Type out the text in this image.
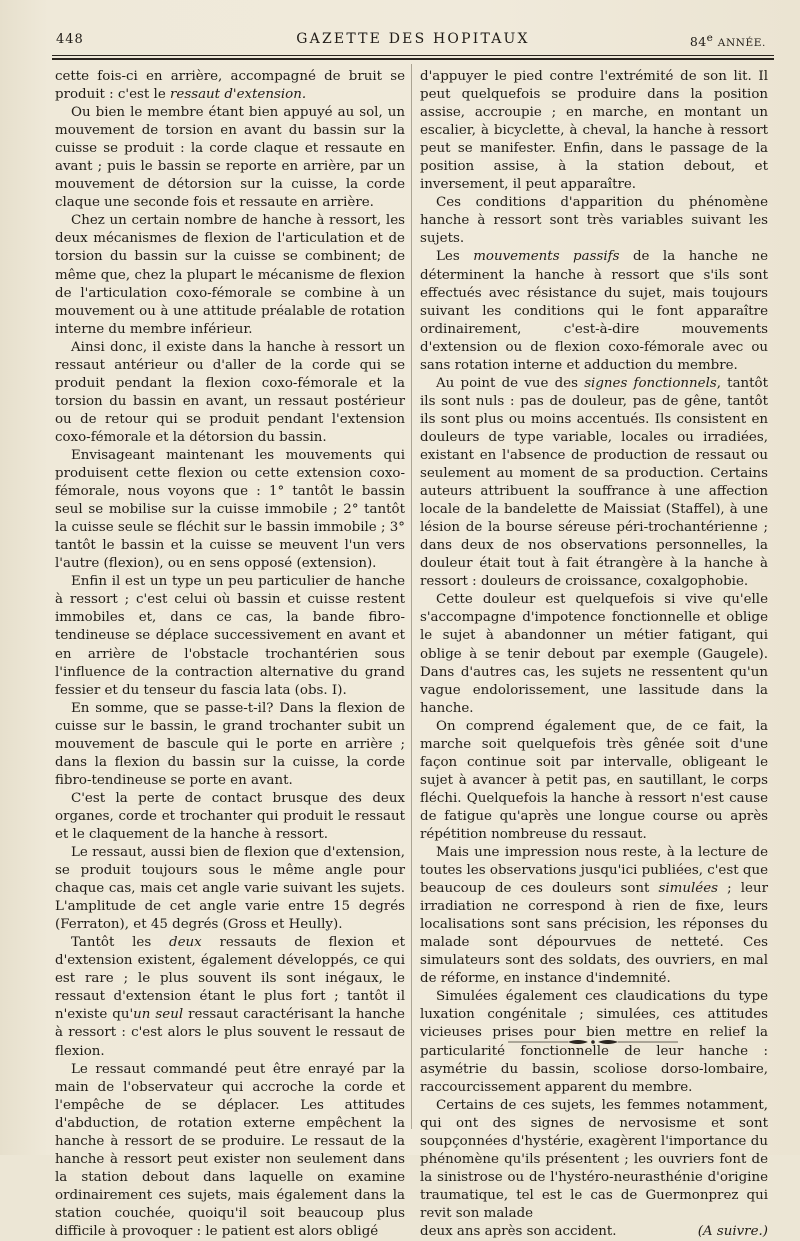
448	GAZETTE DES HOPITAUX	84e ANNÉE.

cette fois-ci en arrière, accompagné de bruit se produit : c'est le ressaut d'extension.

Ou bien le membre étant bien appuyé au sol, un mouvement de torsion en avant du bassin sur la cuisse se produit : la corde claque et ressaute en avant ; puis le bassin se reporte en arrière, par un mouvement de détorsion sur la cuisse, la corde claque une seconde fois et ressaute en arrière.

Chez un certain nombre de hanche à ressort, les deux mécanismes de flexion de l'articulation et de torsion du bassin sur la cuisse se combinent; de même que, chez la plupart le mécanisme de flexion de l'articulation coxo-fémorale se combine à un mouvement ou à une attitude préalable de rotation interne du membre inférieur.

Ainsi donc, il existe dans la hanche à ressort un ressaut antérieur ou d'aller de la corde qui se produit pendant la flexion coxo-fémorale et la torsion du bassin en avant, un ressaut postérieur ou de retour qui se produit pendant l'extension coxo-fémorale et la détorsion du bassin.

Envisageant maintenant les mouvements qui produisent cette flexion ou cette extension coxo-fémorale, nous voyons que : 1° tantôt le bassin seul se mobilise sur la cuisse immobile ; 2° tantôt la cuisse seule se fléchit sur le bassin immobile ; 3° tantôt le bassin et la cuisse se meuvent l'un vers l'autre (flexion), ou en sens opposé (extension).

Enfin il est un type un peu particulier de hanche à ressort ; c'est celui où bassin et cuisse restent immobiles et, dans ce cas, la bande fibro-tendineuse se déplace successivement en avant et en arrière de l'obstacle trochantérien sous l'influence de la contraction alternative du grand fessier et du tenseur du fascia lata (obs. I).

En somme, que se passe-t-il? Dans la flexion de cuisse sur le bassin, le grand trochanter subit un mouvement de bascule qui le porte en arrière ; dans la flexion du bassin sur la cuisse, la corde fibro-tendineuse se porte en avant.

C'est la perte de contact brusque des deux organes, corde et trochanter qui produit le ressaut et le claquement de la hanche à ressort.

Le ressaut, aussi bien de flexion que d'extension, se produit toujours sous le même angle pour chaque cas, mais cet angle varie suivant les sujets. L'amplitude de cet angle varie entre 15 degrés (Ferraton), et 45 degrés (Gross et Heully).

Tantôt les deux ressauts de flexion et d'extension existent, également développés, ce qui est rare ; le plus souvent ils sont inégaux, le ressaut d'extension étant le plus fort ; tantôt il n'existe qu'un seul ressaut caractérisant la hanche à ressort : c'est alors le plus souvent le ressaut de flexion.

Le ressaut commandé peut être enrayé par la main de l'observateur qui accroche la corde et l'empêche de se déplacer. Les attitudes d'abduction, de rotation externe empêchent la hanche à ressort de se produire. Le ressaut de la hanche à ressort peut exister non seulement dans la station debout dans laquelle on examine ordinairement ces sujets, mais également dans la station couchée, quoiqu'il soit beaucoup plus difficile à provoquer : le patient est alors obligé

d'appuyer le pied contre l'extrémité de son lit. Il peut quelquefois se produire dans la position assise, accroupie ; en marche, en montant un escalier, à bicyclette, à cheval, la hanche à ressort peut se manifester. Enfin, dans le passage de la position assise, à la station debout, et inversement, il peut apparaître.

Ces conditions d'apparition du phénomène hanche à ressort sont très variables suivant les sujets.

Les mouvements passifs de la hanche ne déterminent la hanche à ressort que s'ils sont effectués avec résistance du sujet, mais toujours suivant les conditions qui le font apparaître ordinairement, c'est-à-dire mouvements d'extension ou de flexion coxo-fémorale avec ou sans rotation interne et adduction du membre.

Au point de vue des signes fonctionnels, tantôt ils sont nuls : pas de douleur, pas de gêne, tantôt ils sont plus ou moins accentués. Ils consistent en douleurs de type variable, locales ou irradiées, existant en l'absence de production de ressaut ou seulement au moment de sa production. Certains auteurs attribuent la souffrance à une affection locale de la bandelette de Maissiat (Staffel), à une lésion de la bourse séreuse péri-trochantérienne ; dans deux de nos observations personnelles, la douleur était tout à fait étrangère à la hanche à ressort : douleurs de croissance, coxalgophobie.

Cette douleur est quelquefois si vive qu'elle s'accompagne d'impotence fonctionnelle et oblige le sujet à abandonner un métier fatigant, qui oblige à se tenir debout par exemple (Gaugele). Dans d'autres cas, les sujets ne ressentent qu'un vague endolorissement, une lassitude dans la hanche.

On comprend également que, de ce fait, la marche soit quelquefois très gênée soit d'une façon continue soit par intervalle, obligeant le sujet à avancer à petit pas, en sautillant, le corps fléchi. Quelquefois la hanche à ressort n'est cause de fatigue qu'après une longue course ou après répétition nombreuse du ressaut.

Mais une impression nous reste, à la lecture de toutes les observations jusqu'ici publiées, c'est que beaucoup de ces douleurs sont simulées ; leur irradiation ne correspond à rien de fixe, leurs localisations sont sans précision, les réponses du malade sont dépourvues de netteté. Ces simulateurs sont des soldats, des ouvriers, en mal de réforme, en instance d'indemnité.

Simulées également ces claudications du type luxation congénitale ; simulées, ces attitudes vicieuses prises pour bien mettre en relief la particularité fonctionnelle de leur hanche : asymétrie du bassin, scoliose dorso-lombaire, raccourcissement apparent du membre.

Certains de ces sujets, les femmes notamment, qui ont des signes de nervosisme et sont soupçonnées d'hystérie, exagèrent l'importance du phénomène qu'ils présentent ; les ouvriers font de la sinistrose ou de l'hystéro-neurasthénie d'origine traumatique, tel est le cas de Guermonprez qui revit son malade

deux ans après son accident.	(A suivre.)
